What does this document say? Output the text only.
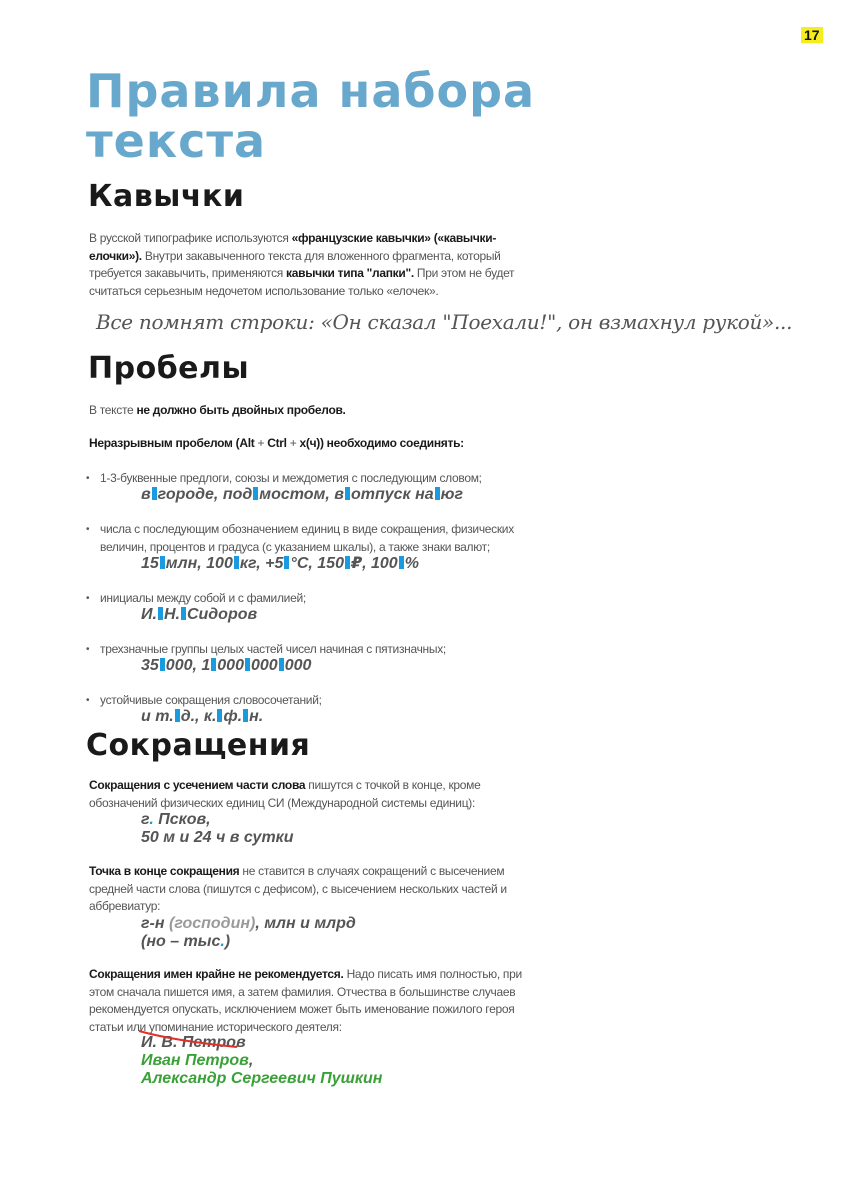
17
Правила набора
текста
Кавычки
В русской типографике используются «французские кавычки» («кавычки-елочки»). Внутри закавыченного текста для вложенного фрагмента, который требуется закавычить, применяются кавычки типа "лапки". При этом не будет считаться серьезным недочетом использование только «елочек».
Все помнят строки: «Он сказал "Поехали!", он взмахнул рукой»...
Пробелы
В тексте не должно быть двойных пробелов.
Неразрывным пробелом (Alt + Ctrl + x(ч)) необходимо соединять:
• 1-3-буквенные предлоги, союзы и междометия с последующим словом;
в городе, под мостом, в отпуск на юг
• числа с последующим обозначением единиц в виде сокращения, физических величин, процентов и градуса (с указанием шкалы), а также знаки валют;
15 млн, 100 кг, +5 °С, 150 ₽, 100 %
• инициалы между собой и с фамилией;
И. Н. Сидоров
• трехзначные группы целых частей чисел начиная с пятизначных;
35 000, 1 000 000 000
• устойчивые сокращения словосочетаний;
и т. д., к. ф. н.
Сокращения
Сокращения с усечением части слова пишутся с точкой в конце, кроме обозначений физических единиц СИ (Международной системы единиц):
г. Псков,
50 м и 24 ч в сутки
Точка в конце сокращения не ставится в случаях сокращений с высечением средней части слова (пишутся с дефисом), с высечением нескольких частей и аббревиатур:
г-н (господин), млн и млрд
(но – тыс.)
Сокращения имен крайне не рекомендуется. Надо писать имя полностью, при этом сначала пишется имя, а затем фамилия. Отчества в большинстве случаев рекомендуется опускать, исключением может быть именование пожилого героя статьи или упоминание исторического деятеля:
И. В. Петров
Иван Петров,
Александр Сергеевич Пушкин
